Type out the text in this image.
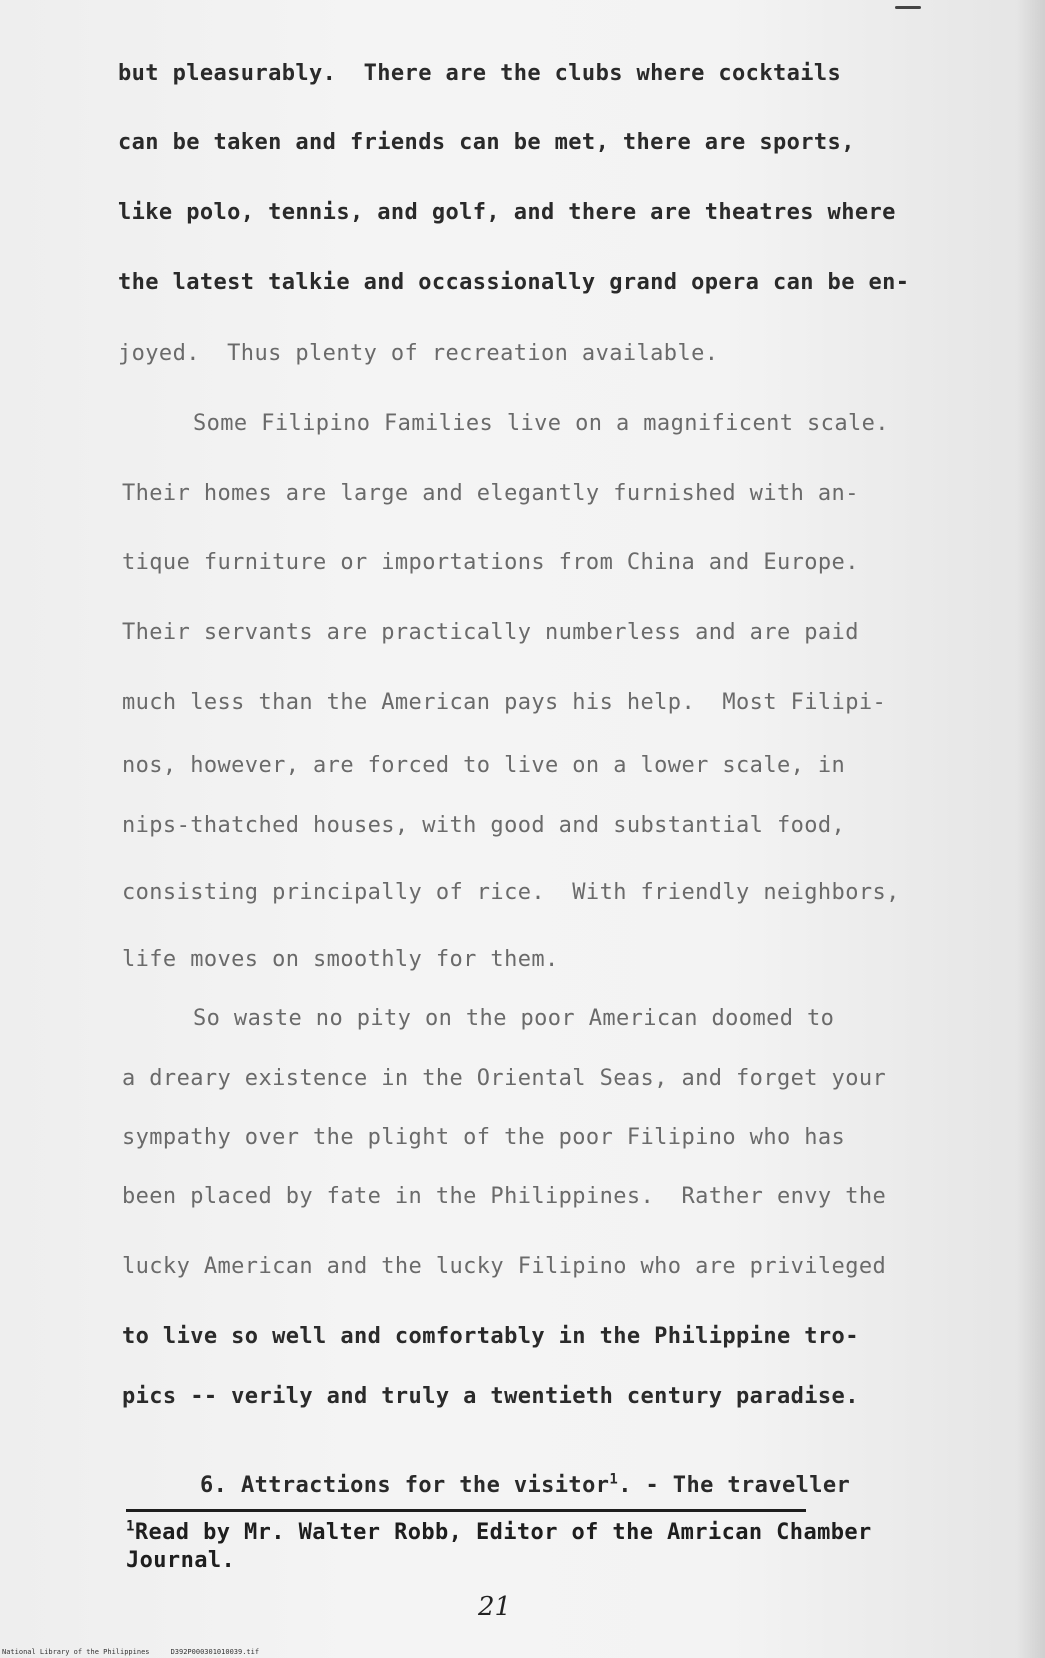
but pleasurably.  There are the clubs where cocktails

can be taken and friends can be met, there are sports,

like polo, tennis, and golf, and there are theatres where

the latest talkie and occassionally grand opera can be en-

joyed.  Thus plenty of recreation available.

Some Filipino Families live on a magnificent scale.

Their homes are large and elegantly furnished with an-

tique furniture or importations from China and Europe.

Their servants are practically numberless and are paid

much less than the American pays his help.  Most Filipi-

nos, however, are forced to live on a lower scale, in

nips-thatched houses, with good and substantial food,

consisting principally of rice.  With friendly neighbors,

life moves on smoothly for them.

So waste no pity on the poor American doomed to

a dreary existence in the Oriental Seas, and forget your

sympathy over the plight of the poor Filipino who has

been placed by fate in the Philippines.  Rather envy the

lucky American and the lucky Filipino who are privileged

to live so well and comfortably in the Philippine tro-

pics -- verily and truly a twentieth century paradise.

6. Attractions for the visitor$^1$. - The traveller

$^1$Read by Mr. Walter Robb, Editor of the Amrican Chamber

Journal.

21
National Library of the Philippines     D392P000301010039.tif
